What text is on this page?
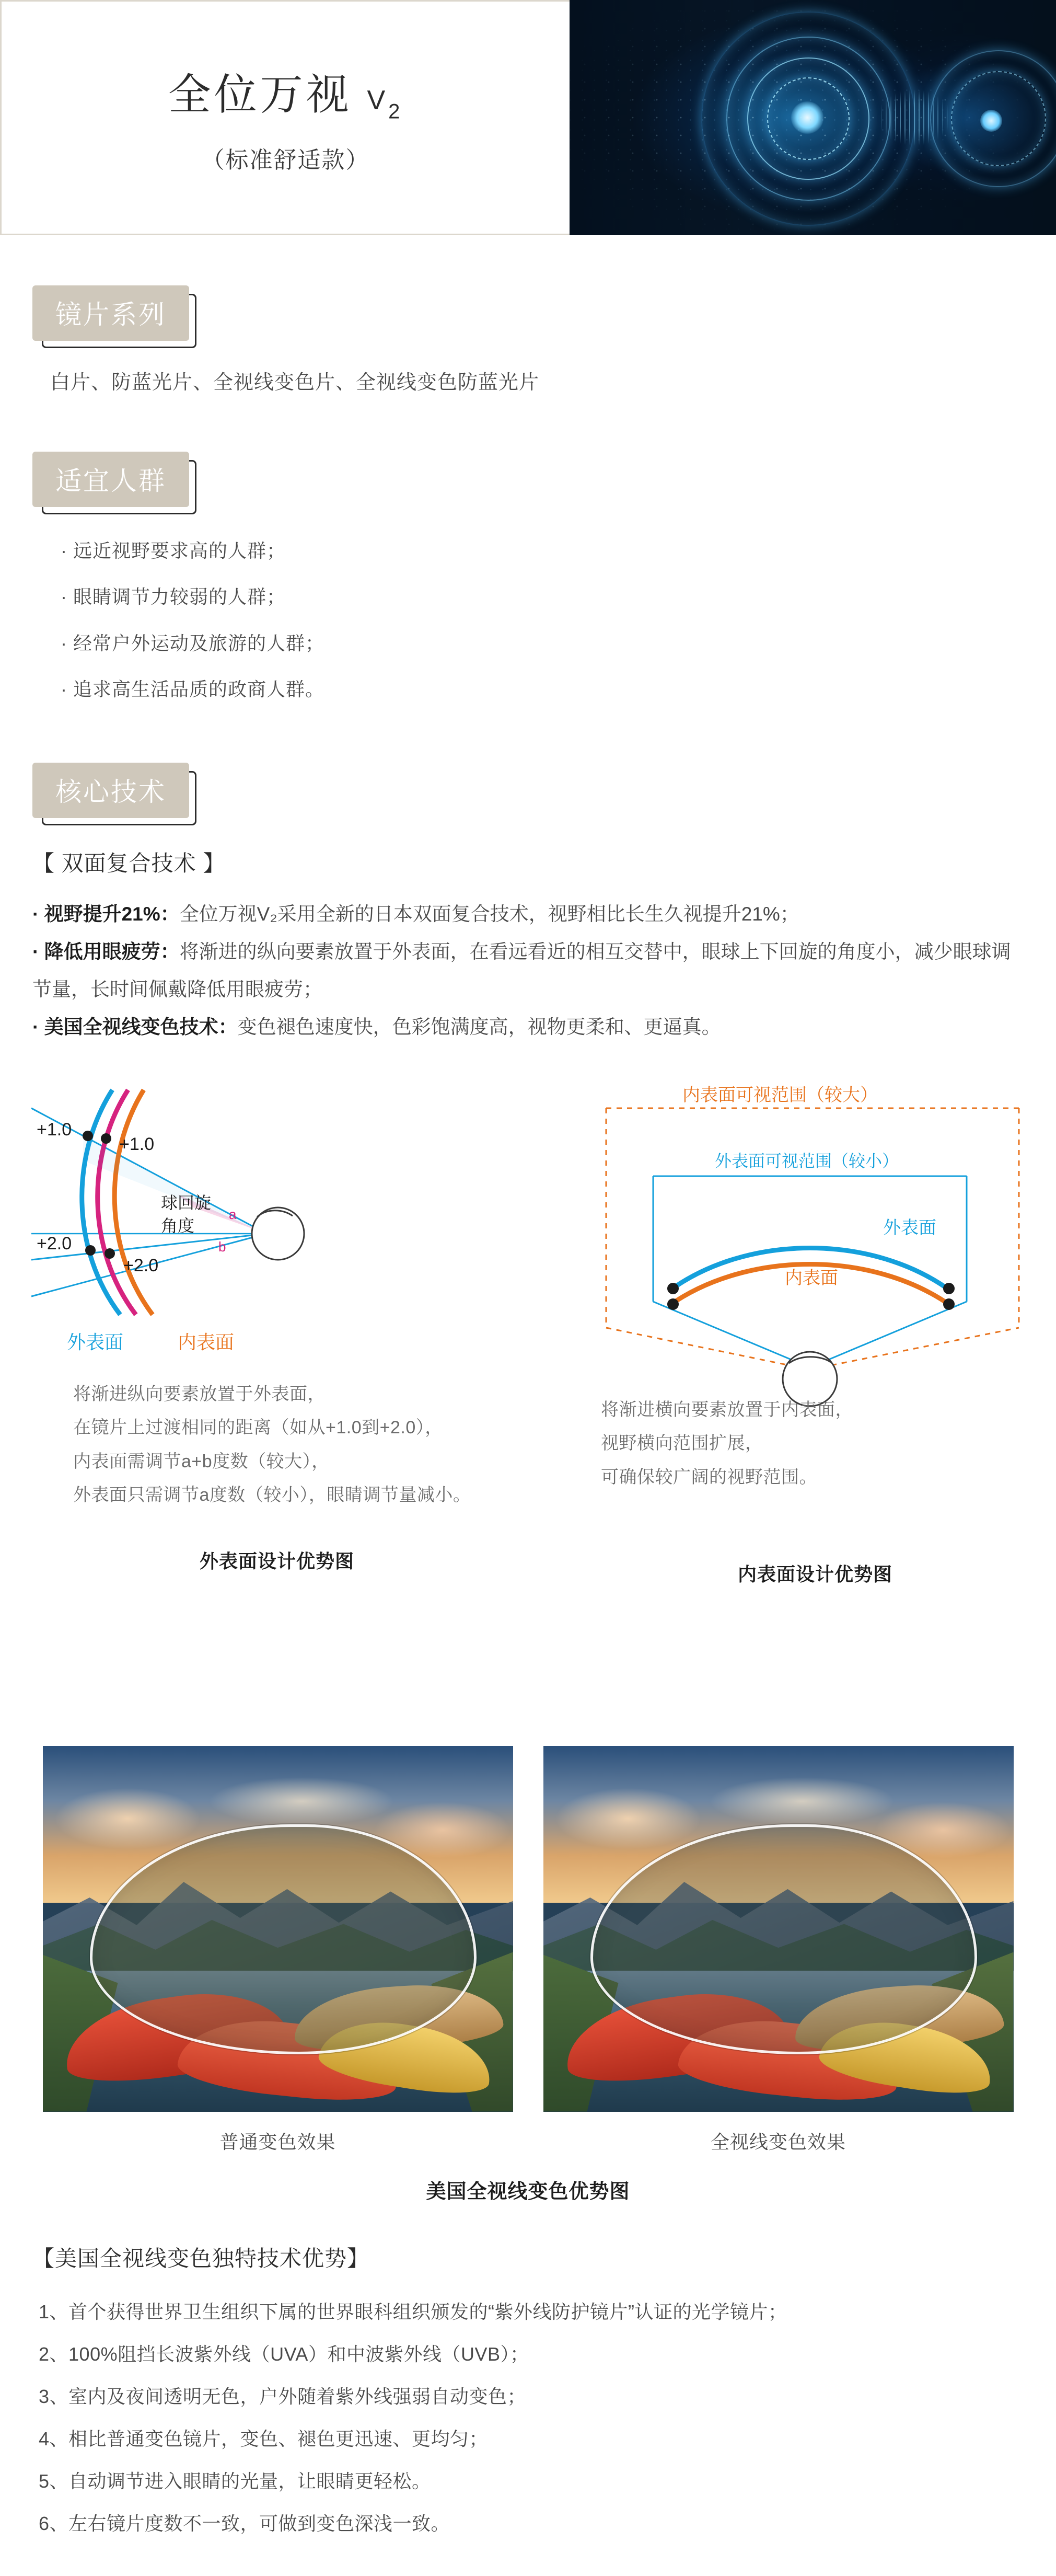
全位万视 $V_2$
（标准舒适款）
镜片系列
白片、防蓝光片、全视线变色片、全视线变色防蓝光片
适宜人群
· 远近视野要求高的人群；
· 眼睛调节力较弱的人群；
· 经常户外运动及旅游的人群；
· 追求高生活品质的政商人群。
核心技术
【 双面复合技术 】
· 视野提升21%：全位万视V₂采用全新的日本双面复合技术，视野相比长生久视提升21%；
· 降低用眼疲劳：将渐进的纵向要素放置于外表面，在看远看近的相互交替中，眼球上下回旋的角度小，减少眼球调节量，长时间佩戴降低用眼疲劳；
· 美国全视线变色技术：变色褪色速度快，色彩饱满度高，视物更柔和、更逼真。
+1.0
+1.0
+2.0
+2.0
球回旋
角度
a
b
外表面	内表面
将渐进纵向要素放置于外表面，
在镜片上过渡相同的距离（如从+1.0到+2.0），
内表面需调节a+b度数（较大），
外表面只需调节a度数（较小），眼睛调节量减小。
外表面设计优势图
内表面可视范围（较大）
外表面可视范围（较小）
外表面
内表面
将渐进横向要素放置于内表面，
视野横向范围扩展，
可确保较广阔的视野范围。
内表面设计优势图
普通变色效果	全视线变色效果
美国全视线变色优势图
【美国全视线变色独特技术优势】
1、首个获得世界卫生组织下属的世界眼科组织颁发的“紫外线防护镜片”认证的光学镜片；
2、100%阻挡长波紫外线（UVA）和中波紫外线（UVB）；
3、室内及夜间透明无色，户外随着紫外线强弱自动变色；
4、相比普通变色镜片，变色、褪色更迅速、更均匀；
5、自动调节进入眼睛的光量，让眼睛更轻松。
6、左右镜片度数不一致，可做到变色深浅一致。
